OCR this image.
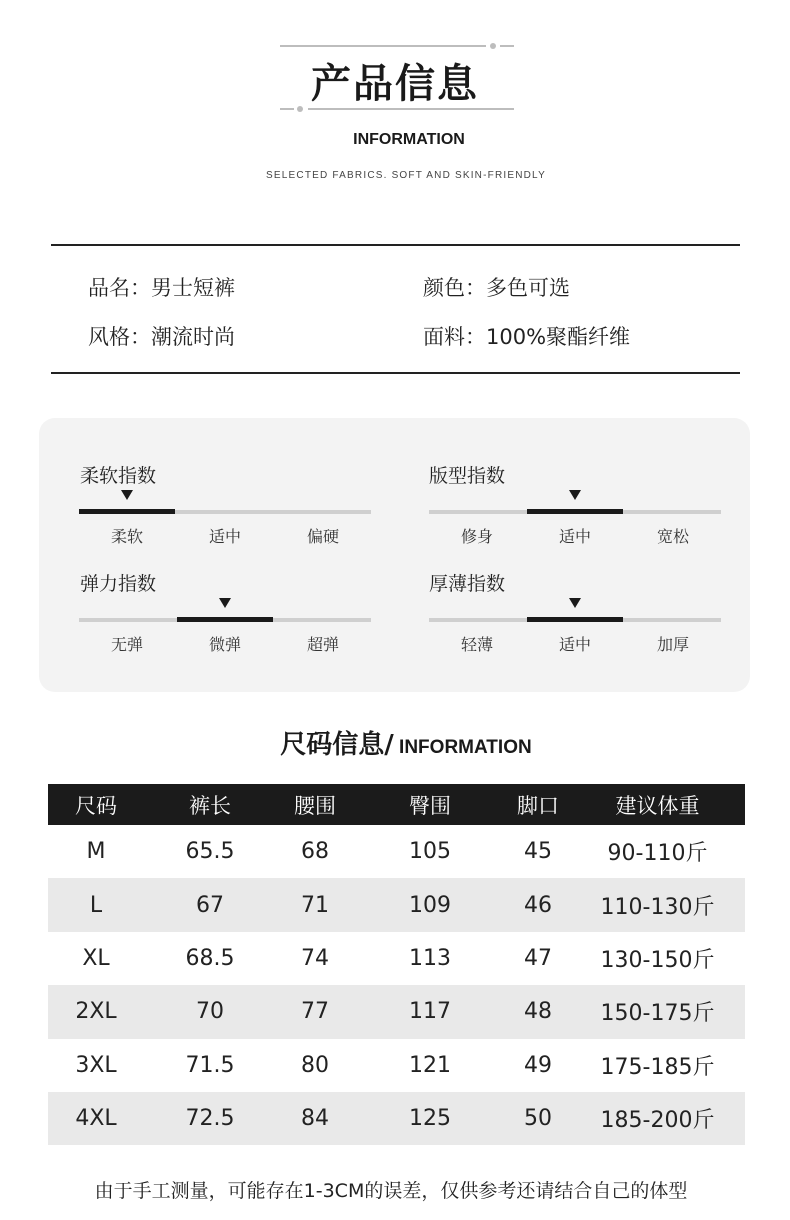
产品信息
INFORMATION
SELECTED FABRICS. SOFT AND SKIN-FRIENDLY
品名：男士短裤	颜色：多色可选
风格：潮流时尚	面料：100%聚酯纤维
柔软指数
柔软	适中	偏硬
版型指数
修身	适中	宽松
弹力指数
无弹	微弹	超弹
厚薄指数
轻薄	适中	加厚
尺码信息/ INFORMATION
尺码	裤长	腰围	臀围	脚口	建议体重
M	65.5	68	105	45	90-110斤
L	67	71	109	46	110-130斤
XL	68.5	74	113	47	130-150斤
2XL	70	77	117	48	150-175斤
3XL	71.5	80	121	49	175-185斤
4XL	72.5	84	125	50	185-200斤
由于手工测量，可能存在1-3CM的误差，仅供参考还请结合自己的体型
